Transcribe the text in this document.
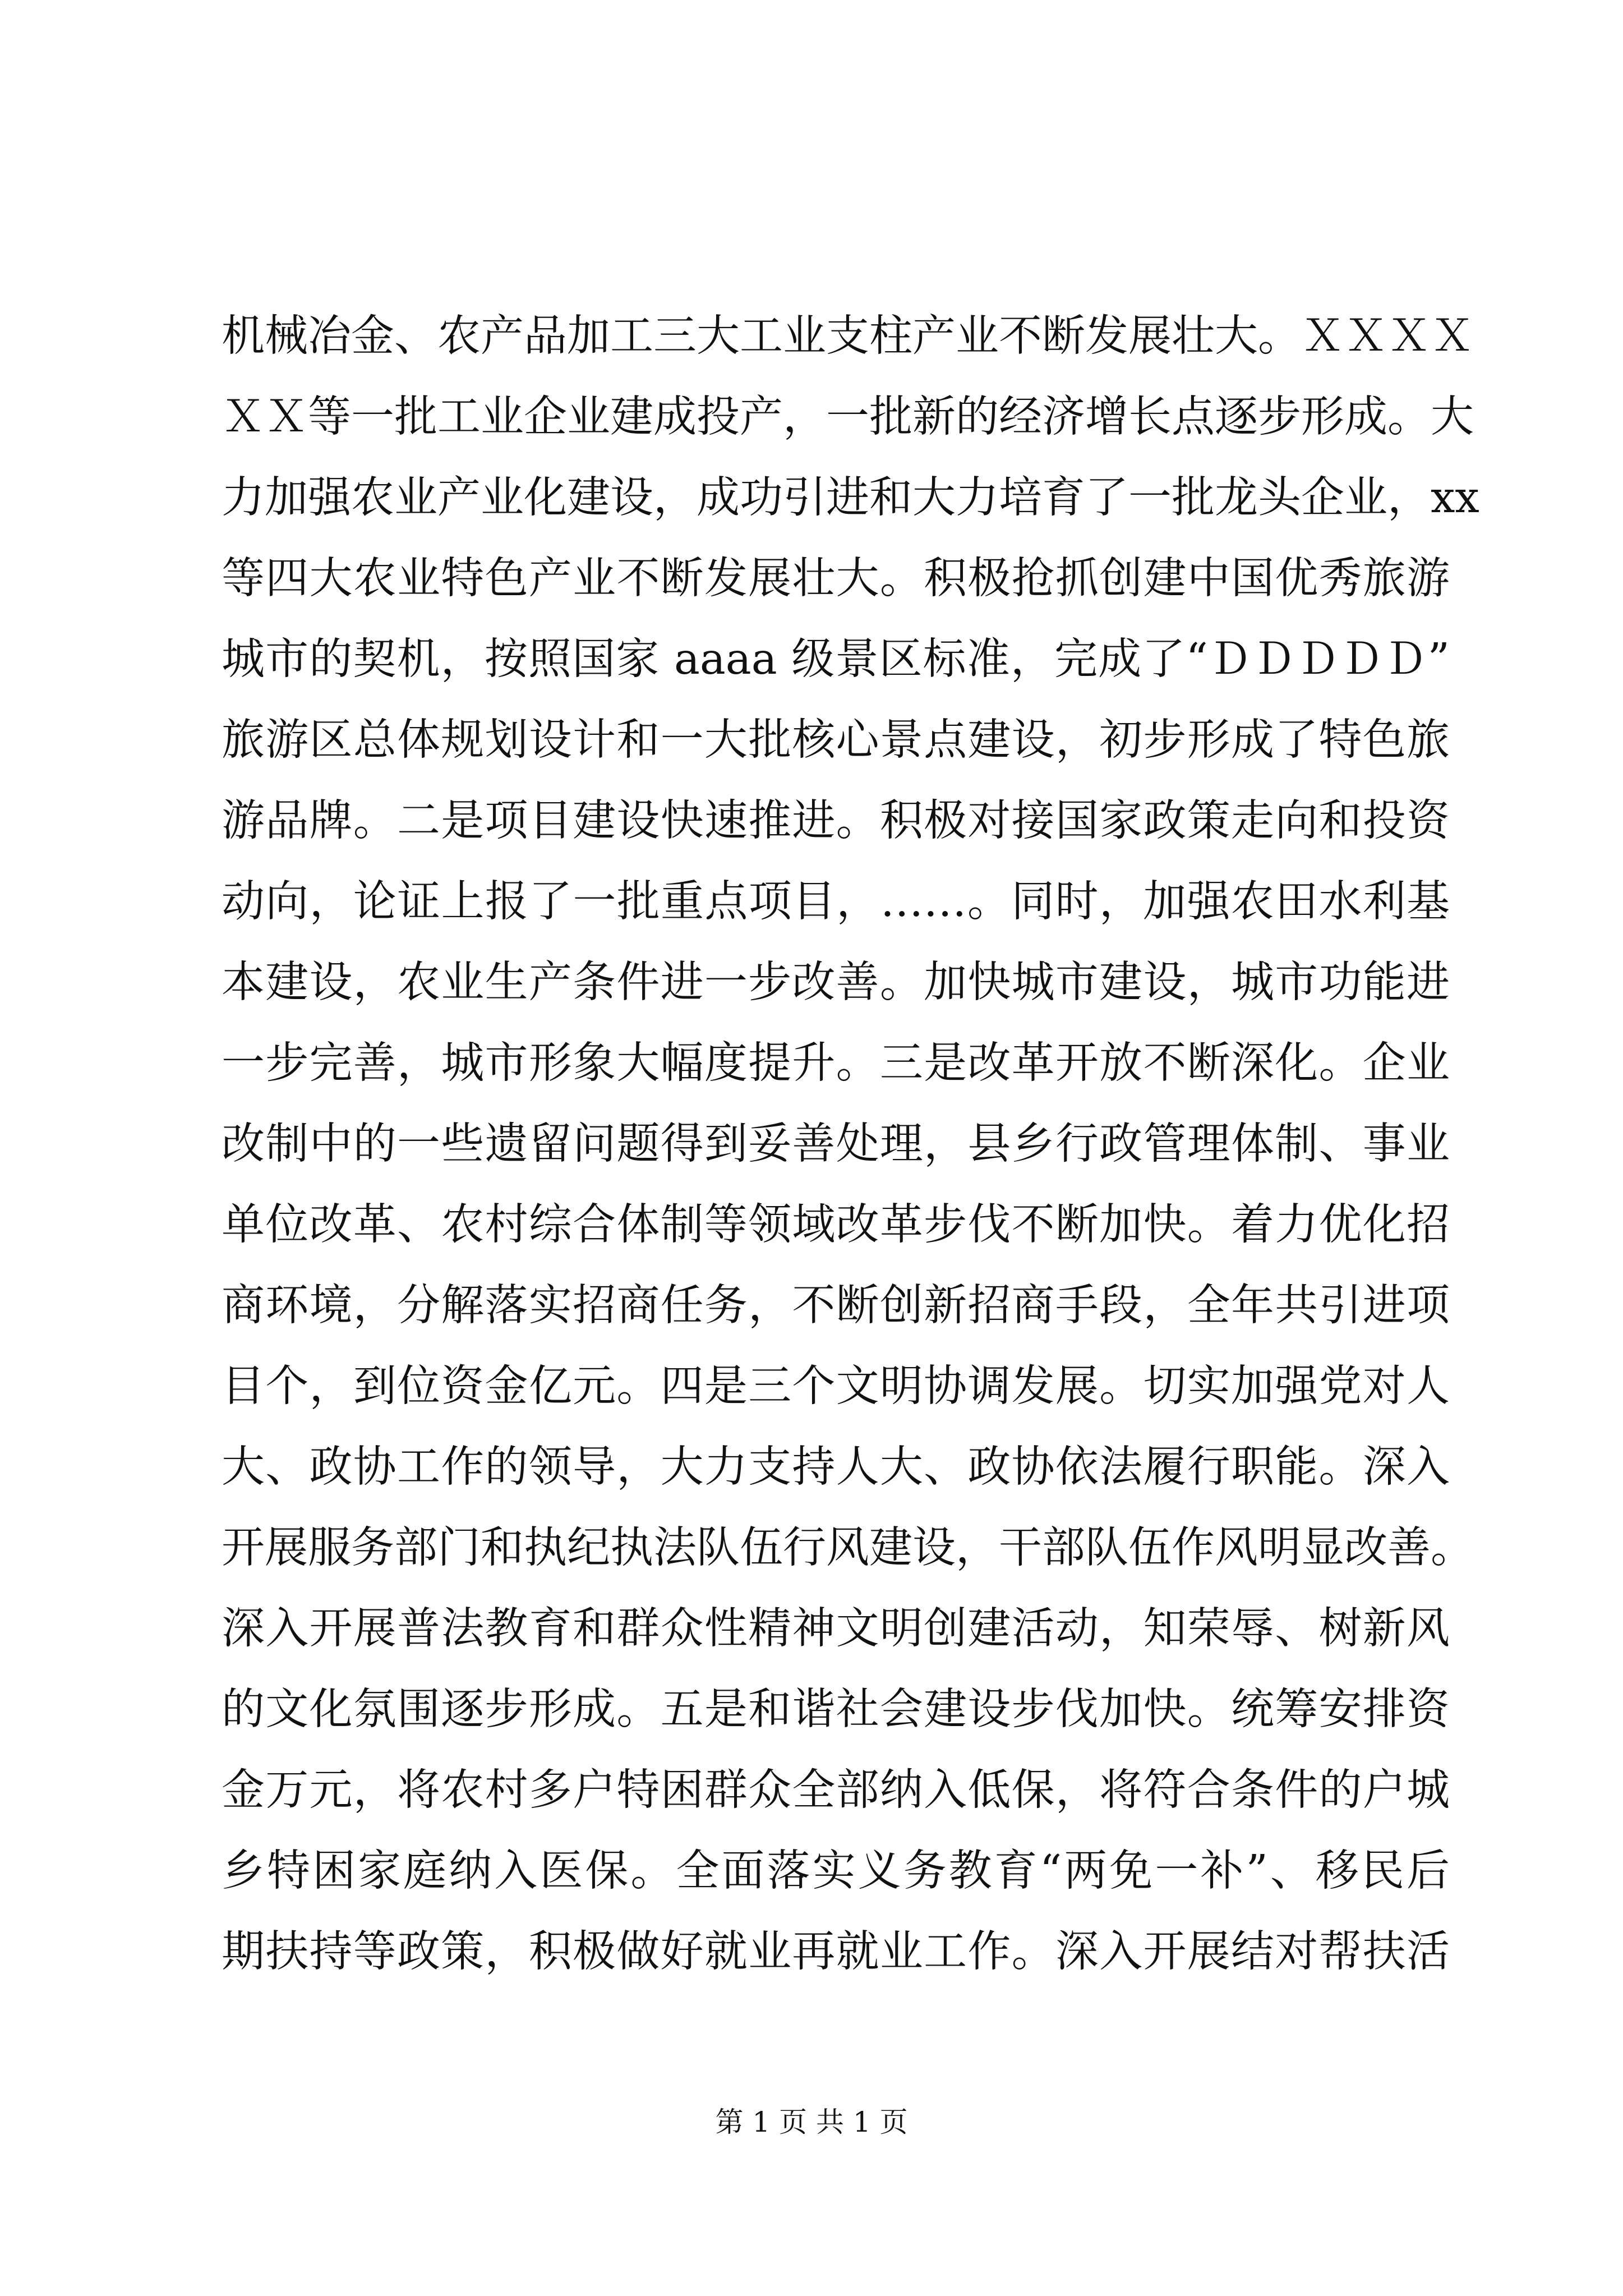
机械冶金、农产品加工三大工业支柱产业不断发展壮大。ＸＸＸＸ
ＸＸ等一批工业企业建成投产，一批新的经济增长点逐步形成。大
力加强农业产业化建设，成功引进和大力培育了一批龙头企业，xx
等四大农业特色产业不断发展壮大。积极抢抓创建中国优秀旅游
城市的契机，按照国家 aaaa 级景区标准，完成了“ＤＤＤＤＤ”
旅游区总体规划设计和一大批核心景点建设，初步形成了特色旅
游品牌。二是项目建设快速推进。积极对接国家政策走向和投资
动向，论证上报了一批重点项目，……。同时，加强农田水利基
本建设，农业生产条件进一步改善。加快城市建设，城市功能进
一步完善，城市形象大幅度提升。三是改革开放不断深化。企业
改制中的一些遗留问题得到妥善处理，县乡行政管理体制、事业
单位改革、农村综合体制等领域改革步伐不断加快。着力优化招
商环境，分解落实招商任务，不断创新招商手段，全年共引进项
目个，到位资金亿元。四是三个文明协调发展。切实加强党对人
大、政协工作的领导，大力支持人大、政协依法履行职能。深入
开展服务部门和执纪执法队伍行风建设，干部队伍作风明显改善。
深入开展普法教育和群众性精神文明创建活动，知荣辱、树新风
的文化氛围逐步形成。五是和谐社会建设步伐加快。统筹安排资
金万元，将农村多户特困群众全部纳入低保，将符合条件的户城
乡特困家庭纳入医保。全面落实义务教育“两免一补”、移民后
期扶持等政策，积极做好就业再就业工作。深入开展结对帮扶活
第 1 页 共 1 页
